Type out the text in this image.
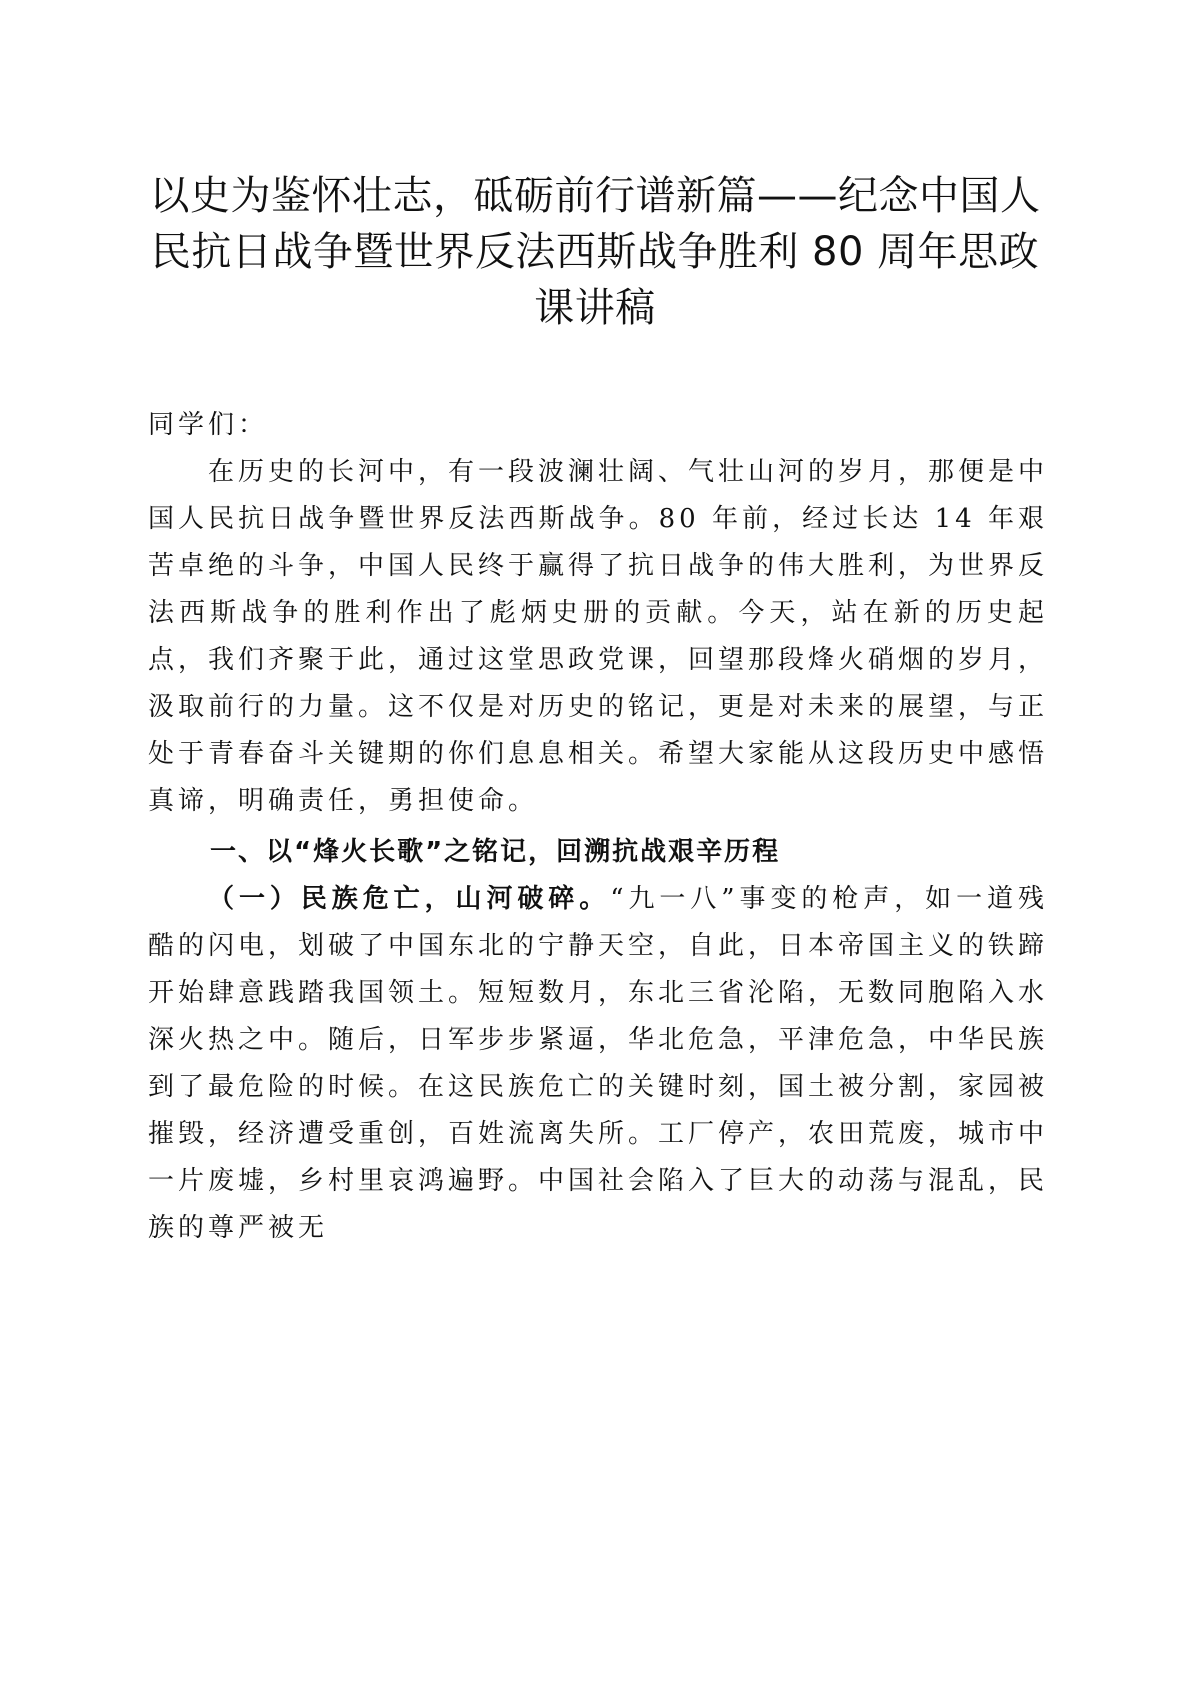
以史为鉴怀壮志，砥砺前行谱新篇——纪念中国人民抗日战争暨世界反法西斯战争胜利 80 周年思政课讲稿

同学们：

在历史的长河中，有一段波澜壮阔、气壮山河的岁月，那便是中国人民抗日战争暨世界反法西斯战争。80 年前，经过长达 14 年艰苦卓绝的斗争，中国人民终于赢得了抗日战争的伟大胜利，为世界反法西斯战争的胜利作出了彪炳史册的贡献。今天，站在新的历史起点，我们齐聚于此，通过这堂思政党课，回望那段烽火硝烟的岁月，汲取前行的力量。这不仅是对历史的铭记，更是对未来的展望，与正处于青春奋斗关键期的你们息息相关。希望大家能从这段历史中感悟真谛，明确责任，勇担使命。

一、以“烽火长歌”之铭记，回溯抗战艰辛历程

（一）民族危亡，山河破碎。“九一八”事变的枪声，如一道残酷的闪电，划破了中国东北的宁静天空，自此，日本帝国主义的铁蹄开始肆意践踏我国领土。短短数月，东北三省沦陷，无数同胞陷入水深火热之中。随后，日军步步紧逼，华北危急，平津危急，中华民族到了最危险的时候。在这民族危亡的关键时刻，国土被分割，家园被摧毁，经济遭受重创，百姓流离失所。工厂停产，农田荒废，城市中一片废墟，乡村里哀鸿遍野。中国社会陷入了巨大的动荡与混乱，民族的尊严被无
